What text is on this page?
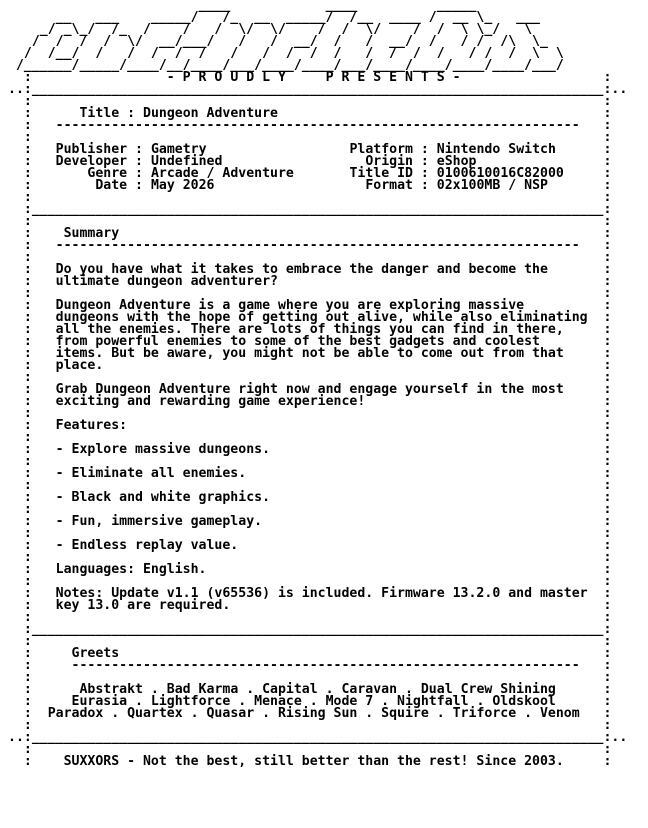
____            ____          _____
__   ___    _____/   /_  __  _____/  /__  ____ /  __ \_   ___
_/ _\_/  /_  /    /   /  \/  \/    /  /  \/    /  /  \ \_/   \
/  /  /  /  \/  __/___/   /   /  __/  /   /  __/  /   / /  /\  \_
/  /__/  /   /  /  /  /   /   /  /  /  /   /  /  /  /   / /  /  \  \
/______/_____/____/__/____/___/____/____/___/____/____/____/____/___/
:                 - P R O U D L Y     P R E S E N T S -                  :
..:________________________________________________________________________:..
:                                                                        :
:      Title : Dungeon Adventure	:
:   ------------------------------------------------------------------   :
:                                                                        :
:   Publisher : Gametry	Platform : Nintendo Switch      :
:   Developer : Undefined	Origin : eShop                :
:       Genre : Arcade / Adventure	Title ID : 0100610016C82000     :
:        Date : May 2026	Format : 02x100MB / NSP       :
:                                                                        :
:________________________________________________________________________:
:                                                                        :
:    Summary                                                             :
:   ------------------------------------------------------------------   :
:                                                                        :
:   Do you have what it takes to embrace the danger and become the       :
:   ultimate dungeon adventurer?                                         :
:                                                                        :
:   Dungeon Adventure is a game where you are exploring massive          :
:   dungeons with the hope of getting out alive, while also eliminating  :
:   all the enemies. There are lots of things you can find in there,     :
:   from powerful enemies to some of the best gadgets and coolest        :
:   items. But be aware, you might not be able to come out from that     :
:   place.                                                               :
:                                                                        :
:   Grab Dungeon Adventure right now and engage yourself in the most     :
:   exciting and rewarding game experience!                              :
:                                                                        :
:   Features:                                                            :
:                                                                        :
:   - Explore massive dungeons.                                          :
:                                                                        :
:   - Eliminate all enemies.                                             :
:                                                                        :
:   - Black and white graphics.                                          :
:                                                                        :
:   - Fun, immersive gameplay.                                           :
:                                                                        :
:   - Endless replay value.                                              :
:                                                                        :
:   Languages: English.                                                  :
:                                                                        :
:   Notes: Update v1.1 (v65536) is included. Firmware 13.2.0 and master  :
:   key 13.0 are required.                                               :
:                                                                        :
:________________________________________________________________________:
:                                                                        :
:     Greets                                                             :
:     ----------------------------------------------------------------   :
:                                                                        :
:      Abstrakt . Bad Karma . Capital . Caravan . Dual Crew Shining      :
:     Eurasia . Lightforce . Menace . Mode 7 . Nightfall . Oldskool      :
:  Paradox . Quartex . Quasar . Rising Sun . Squire . Triforce . Venom   :
:                                                                        :
..:________________________________________________________________________:..
:                                                                        :
:    SUXXORS - Not the best, still better than the rest! Since 2003.     :
